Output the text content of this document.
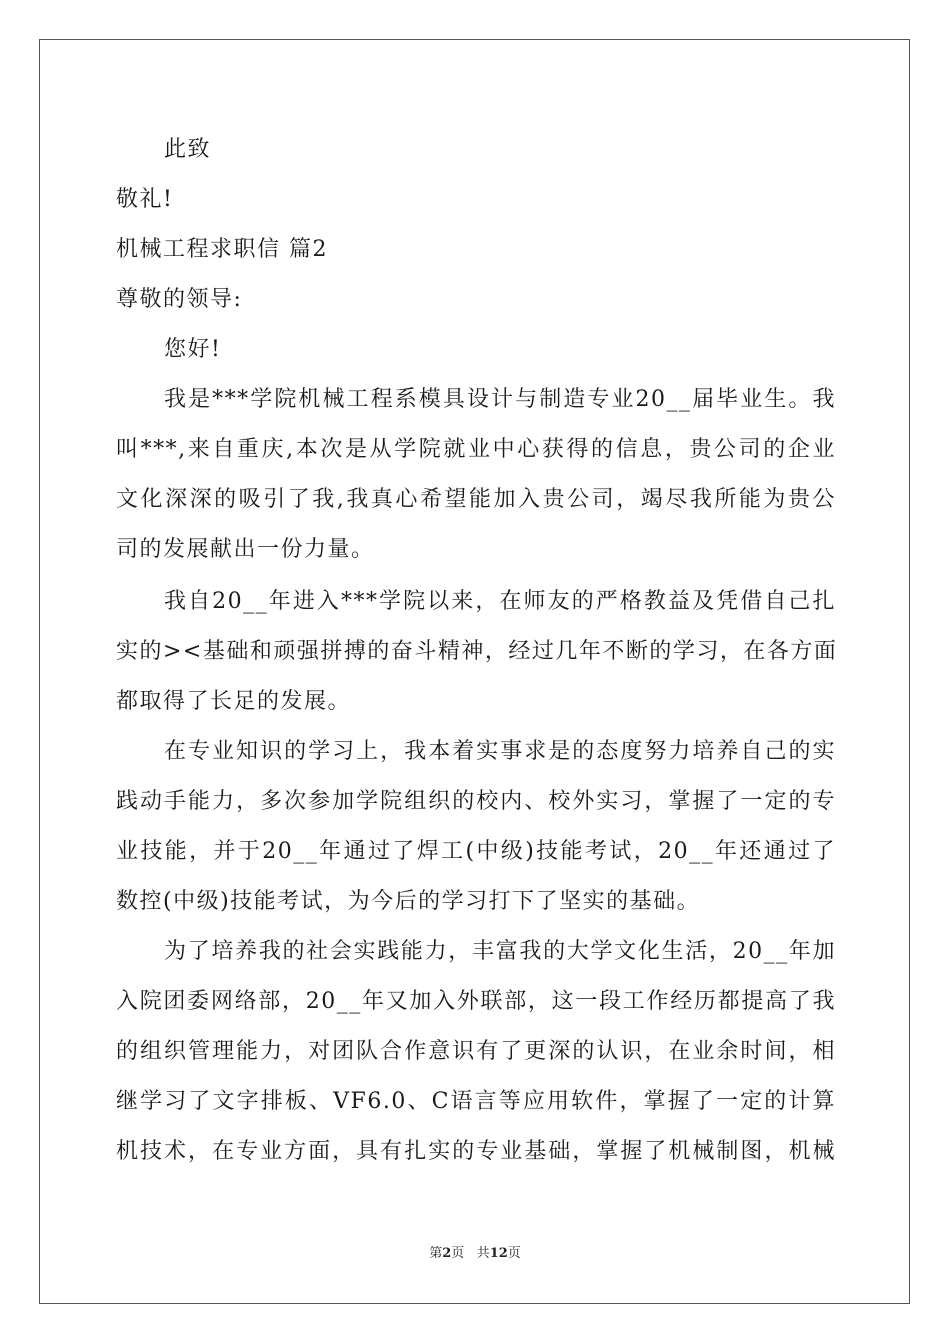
此致
敬礼!
机械工程求职信 篇2
尊敬的领导:
您好!
我是***学院机械工程系模具设计与制造专业20__届毕业生。我
叫***,来自重庆,本次是从学院就业中心获得的信息，贵公司的企业
文化深深的吸引了我,我真心希望能加入贵公司，竭尽我所能为贵公
司的发展献出一份力量。
我自20__年进入***学院以来，在师友的严格教益及凭借自己扎
实的><基础和顽强拼搏的奋斗精神，经过几年不断的学习，在各方面
都取得了长足的发展。
在专业知识的学习上，我本着实事求是的态度努力培养自己的实
践动手能力，多次参加学院组织的校内、校外实习，掌握了一定的专
业技能，并于20__年通过了焊工(中级)技能考试，20__年还通过了
数控(中级)技能考试，为今后的学习打下了坚实的基础。
为了培养我的社会实践能力，丰富我的大学文化生活，20__年加
入院团委网络部，20__年又加入外联部，这一段工作经历都提高了我
的组织管理能力，对团队合作意识有了更深的认识，在业余时间，相
继学习了文字排板、VF6.0、C语言等应用软件，掌握了一定的计算
机技术，在专业方面，具有扎实的专业基础，掌握了机械制图，机械
第2页 共12页
